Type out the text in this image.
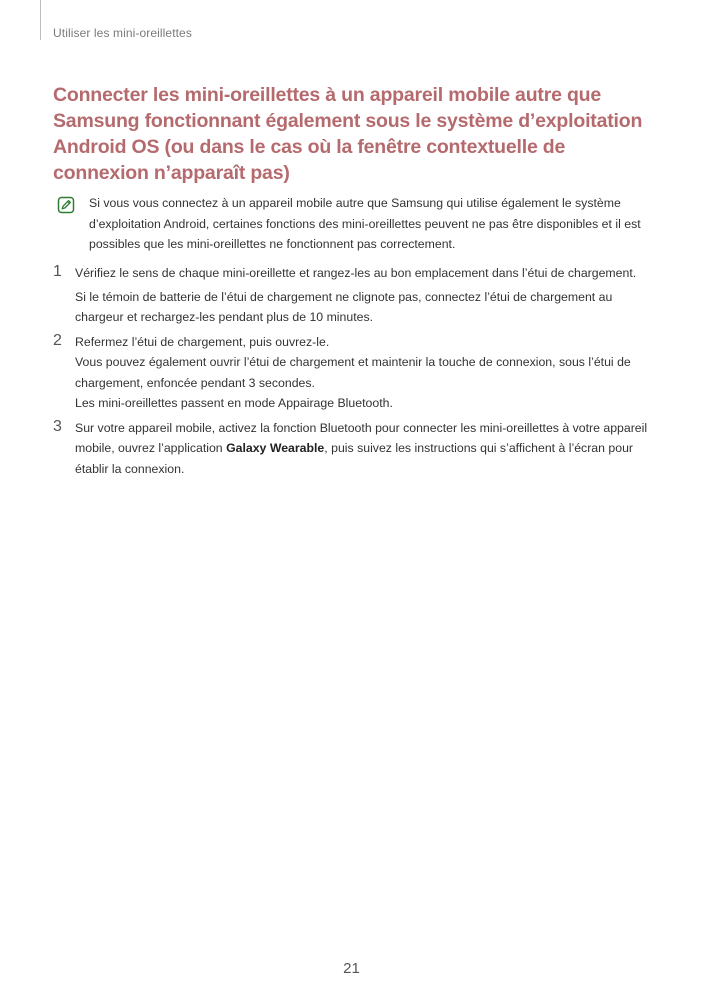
Utiliser les mini-oreillettes
Connecter les mini-oreillettes à un appareil mobile autre que Samsung fonctionnant également sous le système d’exploitation Android OS (ou dans le cas où la fenêtre contextuelle de connexion n’apparaît pas)

Si vous vous connectez à un appareil mobile autre que Samsung qui utilise également le système d’exploitation Android, certaines fonctions des mini-oreillettes peuvent ne pas être disponibles et il est possibles que les mini-oreillettes ne fonctionnent pas correctement.

1 Vérifiez le sens de chaque mini-oreillette et rangez-les au bon emplacement dans l’étui de chargement.

Si le témoin de batterie de l’étui de chargement ne clignote pas, connectez l’étui de chargement au chargeur et rechargez-les pendant plus de 10 minutes.

2 Refermez l’étui de chargement, puis ouvrez-le.

Vous pouvez également ouvrir l’étui de chargement et maintenir la touche de connexion, sous l’étui de chargement, enfoncée pendant 3 secondes.

Les mini-oreillettes passent en mode Appairage Bluetooth.

3 Sur votre appareil mobile, activez la fonction Bluetooth pour connecter les mini-oreillettes à votre appareil mobile, ouvrez l’application Galaxy Wearable, puis suivez les instructions qui s’affichent à l’écran pour établir la connexion.

21
